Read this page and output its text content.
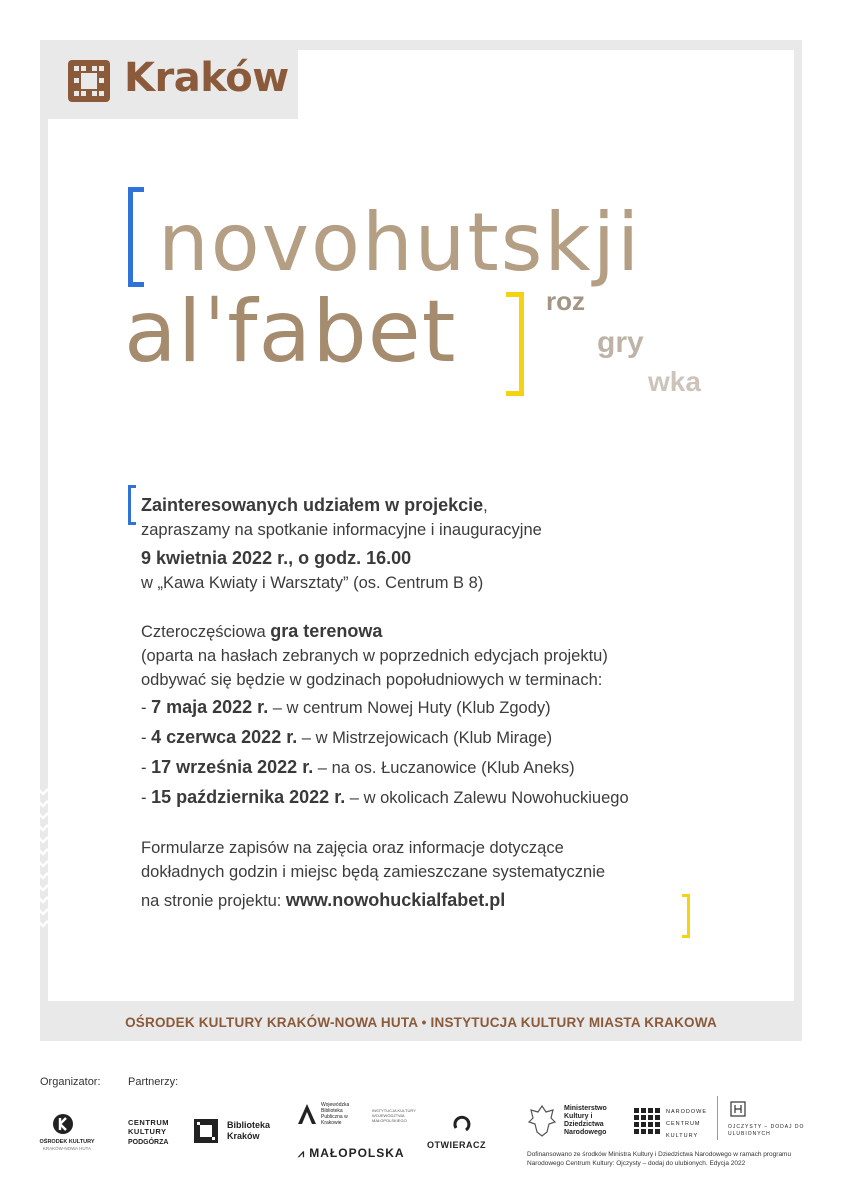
Kraków
novohutskji
alˈfabet	roz
gry
wka
Zainteresowanych udziałem w projekcie,
zapraszamy na spotkanie informacyjne i inauguracyjne
9 kwietnia 2022 r., o godz. 16.00
w „Kawa Kwiaty i Warsztaty” (os. Centrum B 8)
Czteroczęściowa gra terenowa
(oparta na hasłach zebranych w poprzednich edycjach projektu)
odbywać się będzie w godzinach popołudniowych w terminach:
- 7 maja 2022 r. – w centrum Nowej Huty (Klub Zgody)
- 4 czerwca 2022 r. – w Mistrzejowicach (Klub Mirage)
- 17 września 2022 r. – na os. Łuczanowice (Klub Aneks)
- 15 października 2022 r. – w okolicach Zalewu Nowohuckiuego
Formularze zapisów na zajęcia oraz informacje dotyczące
dokładnych godzin i miejsc będą zamieszczane systematycznie
na stronie projektu: www.nowohuckialfabet.pl
OŚRODEK KULTURY KRAKÓW-NOWA HUTA • INSTYTUCJA KULTURY MIASTA KRAKOWA
Organizator: Partnerzy:
OŚRODEK KULTURY
KRAKÓW-NOWA HUTA
CENTRUM KULTURY
PODGÓRZA
Biblioteka Kraków
Wojewódzka Biblioteka Publiczna w Krakowie
INSTYTUCJA KULTURY WOJEWÓDZTWA MAŁOPOLSKIEGO
⩘ MAŁOPOLSKA
OTWIERACZ
Ministerstwo Kultury i Dziedzictwa Narodowego
NARODOWE CENTRUM KULTURY
OJCZYSTY – DODAJ DO ULUBIONYCH
Dofinansowano ze środków Ministra Kultury i Dziedzictwa Narodowego w ramach programu Narodowego Centrum Kultury: Ojczysty – dodaj do ulubionych. Edycja 2022
